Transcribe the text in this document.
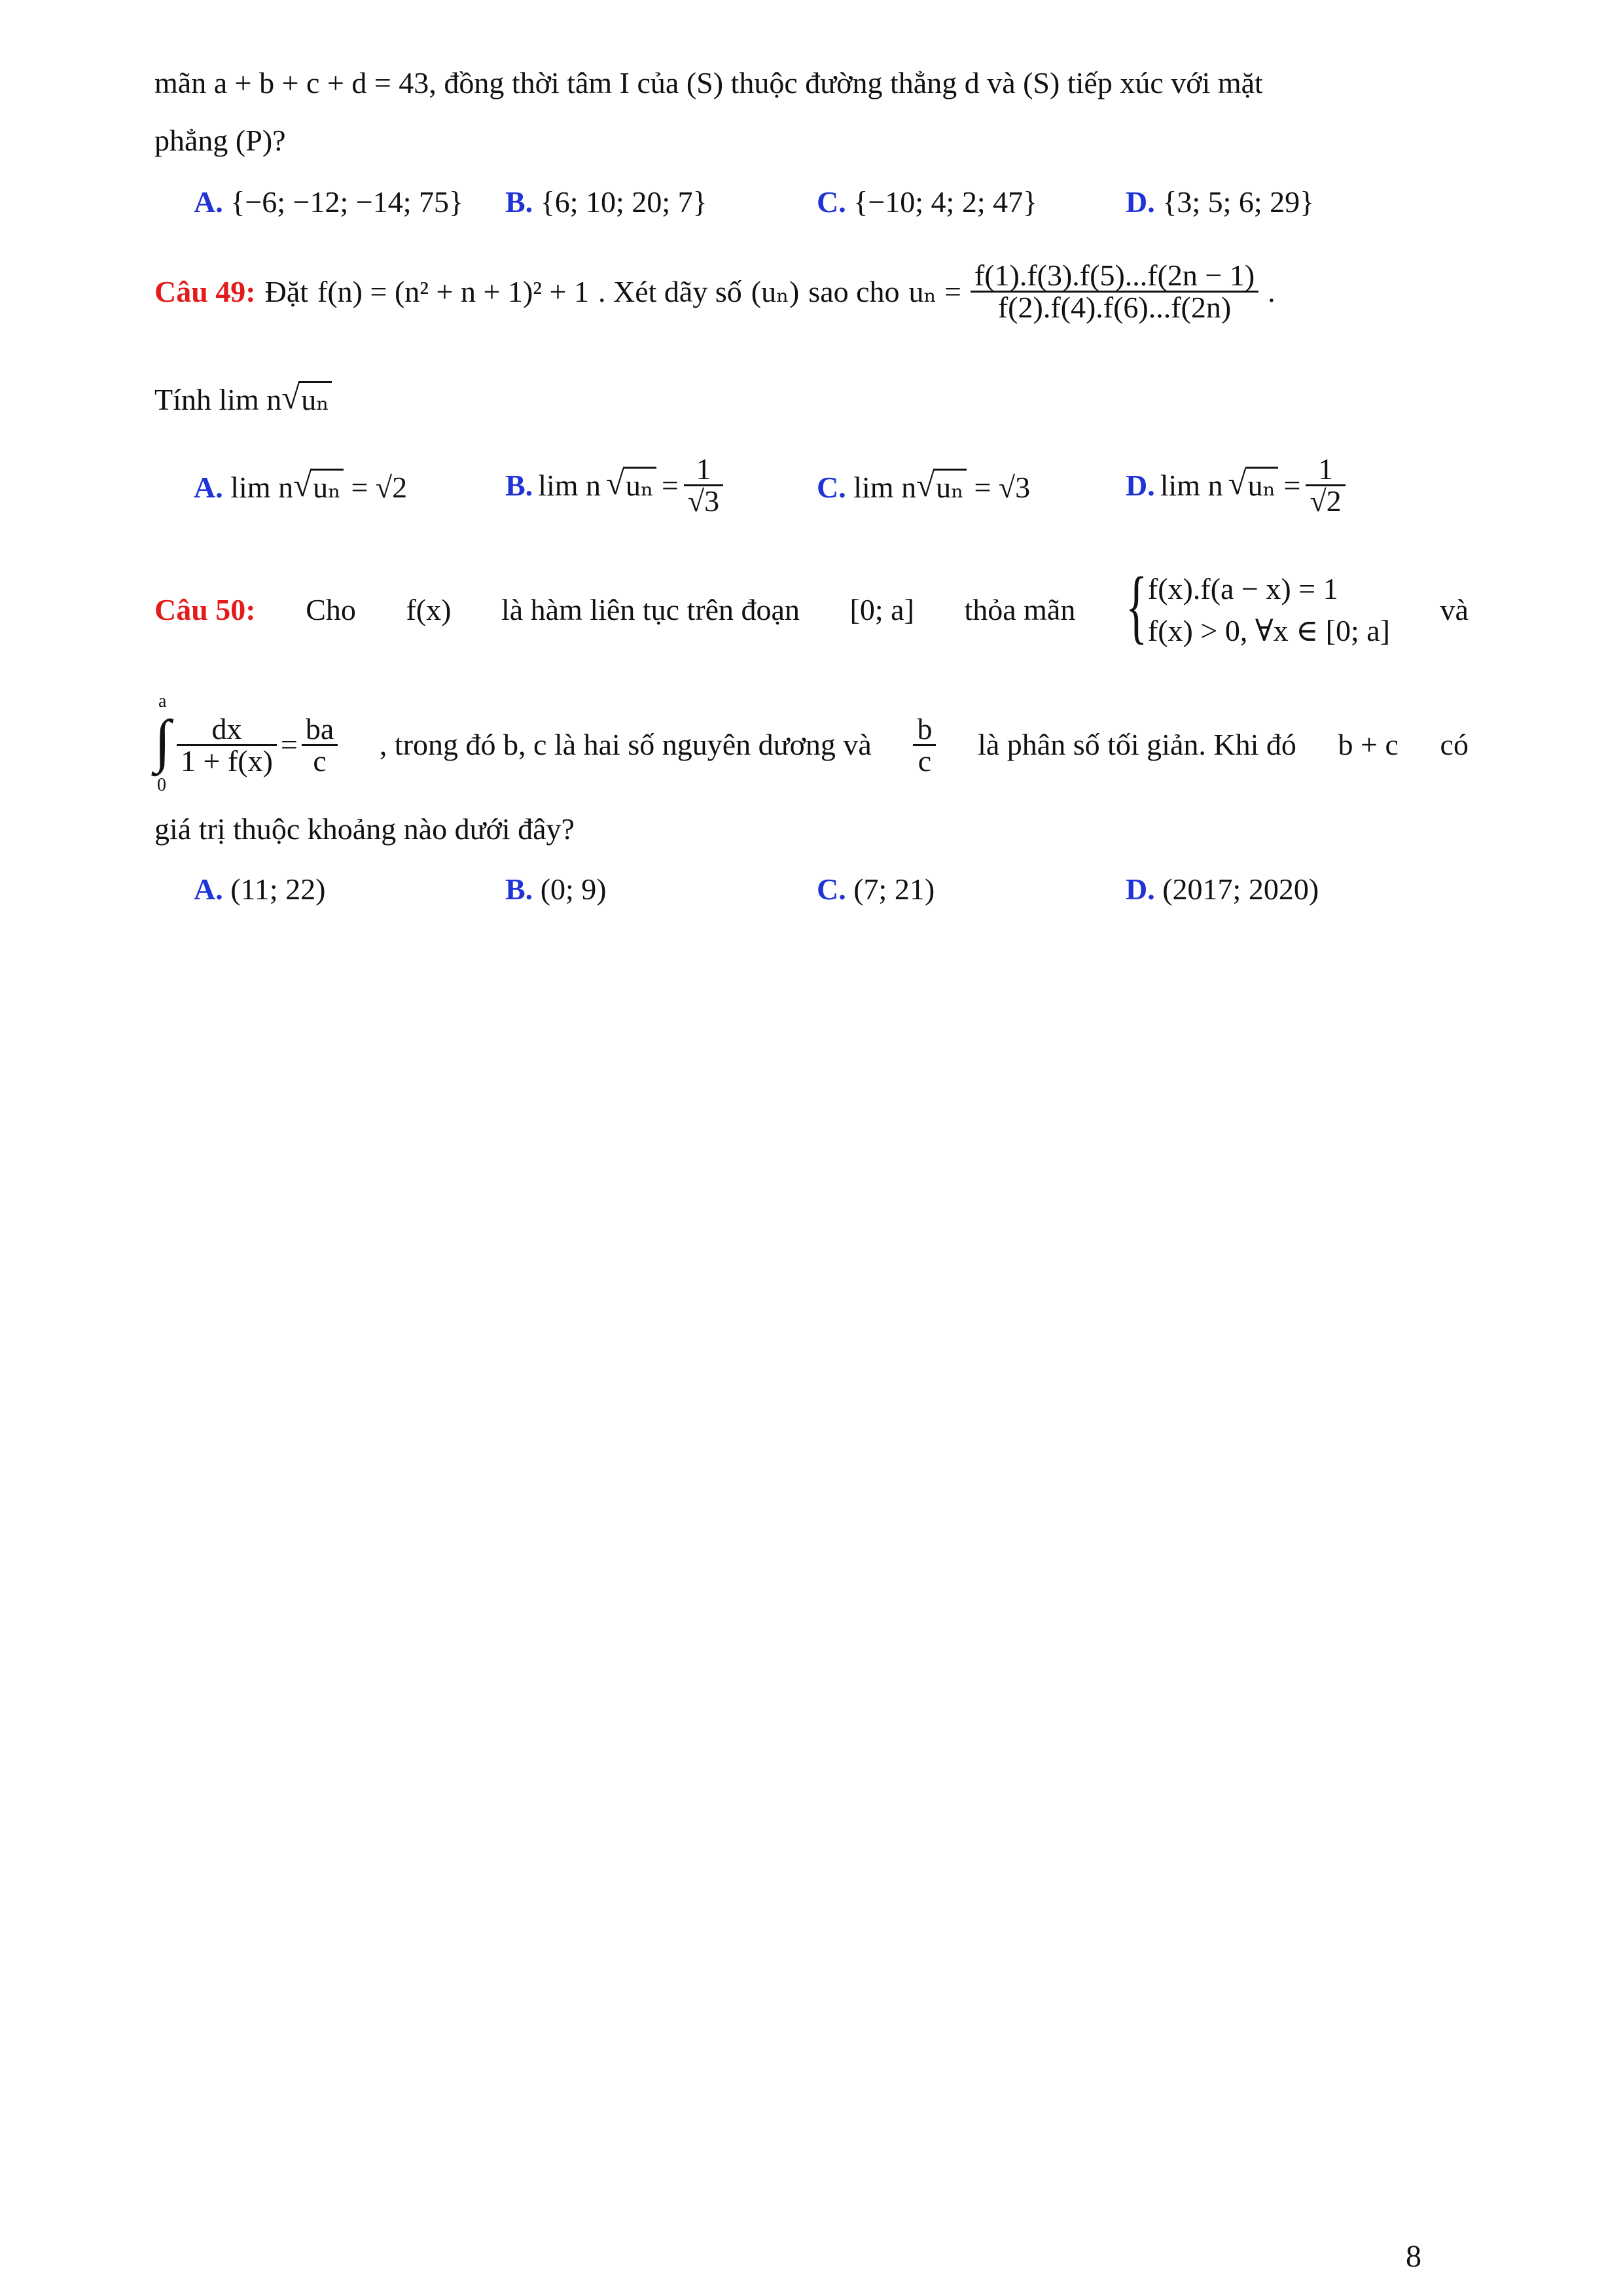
mãn a + b + c + d = 43, đồng thời tâm I của (S) thuộc đường thẳng d và (S) tiếp xúc với mặt
phẳng (P)?
A. {−6; −12; −14; 75} B. {6; 10; 20; 7}	C. {−10; 4; 2; 47}	D. {3; 5; 6; 29}
Câu 49: Đặt f(n) = (n² + n + 1)² + 1 . Xét dãy số (uₙ) sao cho $u_n = \frac{f(1).f(3).f(5)...f(2n - 1)}{f(2).f(4).f(6)...f(2n)}$ .
Tính lim n √ uₙ
A. lim n √ uₙ = √2	B. lim n √ $u_n = \frac{1}{√3}$	C. lim n √ uₙ = √3	D. lim n √ $u_n = \frac{1}{√2}$
Câu 50: Cho f(x) là hàm liên tục trên đoạn [0; a] thỏa mãn { f(x).f(a − x) = 1
f(x) > 0, ∀x ∈ [0; a]
và
a
∫
0
$\frac{dx}{1 + f(x)} = \frac{ba}{c}$ , trong đó b, c là hai số nguyên dương và $\frac{b}{c}$ là phân số tối giản. Khi đó b + c có
giá trị thuộc khoảng nào dưới đây?
A. (11; 22)	B. (0; 9)	C. (7; 21)	D. (2017; 2020)
8
